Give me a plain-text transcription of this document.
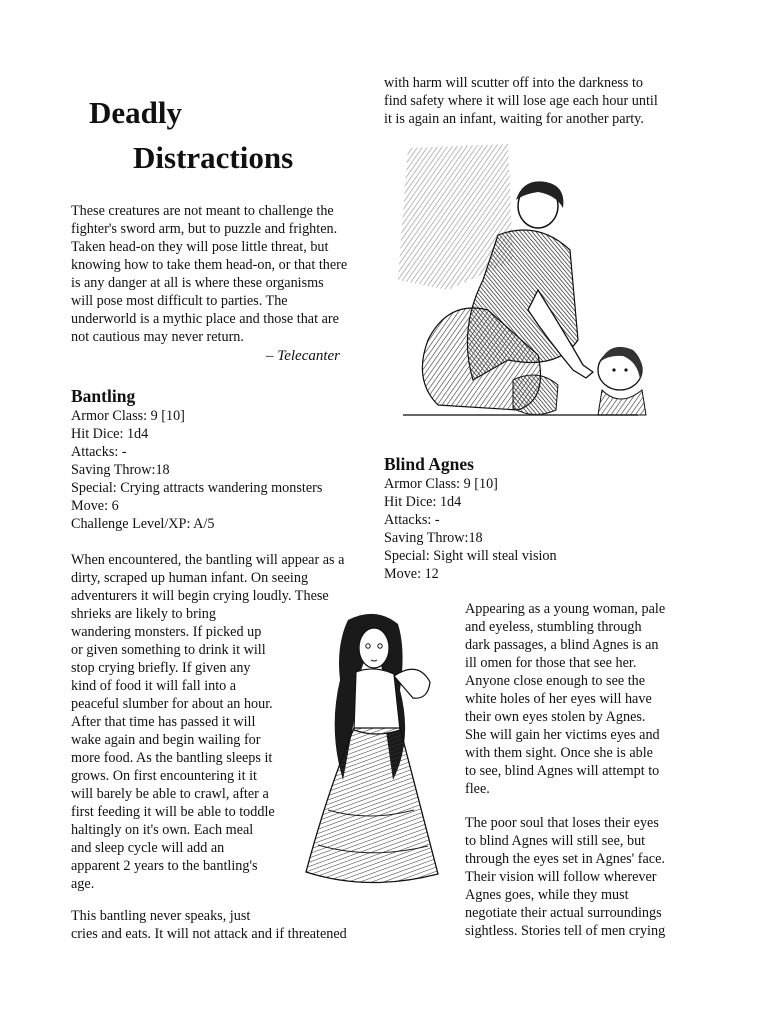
Deadly
Distractions
These creatures are not meant to challenge the
fighter's sword arm, but to puzzle and frighten.
Taken head-on they will pose little threat, but
knowing how to take them head-on, or that there
is any danger at all is where these organisms
will pose most difficult to parties. The
underworld is a mythic place and those that are
not cautious may never return.
– Telecanter
Bantling
Armor Class: 9 [10]
Hit Dice: 1d4
Attacks: -
Saving Throw:18
Special: Crying attracts wandering monsters
Move: 6
Challenge Level/XP: A/5
When encountered, the bantling will appear as a
dirty, scraped up human infant. On seeing
adventurers it will begin crying loudly. These
shrieks are likely to bring
wandering monsters. If picked up
or given something to drink it will
stop crying briefly. If given any
kind of food it will fall into a
peaceful slumber for about an hour.
After that time has passed it will
wake again and begin wailing for
more food. As the bantling sleeps it
grows. On first encountering it it
will barely be able to crawl, after a
first feeding it will be able to toddle
haltingly on it's own. Each meal
and sleep cycle will add an
apparent 2 years to the bantling's
age.
This bantling never speaks, just
cries and eats. It will not attack and if threatened
with harm will scutter off into the darkness to
find safety where it will lose age each hour until
it is again an infant, waiting for another party.
Blind Agnes
Armor Class: 9 [10]
Hit Dice: 1d4
Attacks: -
Saving Throw:18
Special: Sight will steal vision
Move: 12
Appearing as a young woman, pale
and eyeless, stumbling through
dark passages, a blind Agnes is an
ill omen for those that see her.
Anyone close enough to see the
white holes of her eyes will have
their own eyes stolen by Agnes.
She will gain her victims eyes and
with them sight. Once she is able
to see, blind Agnes will attempt to
flee.
The poor soul that loses their eyes
to blind Agnes will still see, but
through the eyes set in Agnes' face.
Their vision will follow wherever
Agnes goes, while they must
negotiate their actual surroundings
sightless. Stories tell of men crying
